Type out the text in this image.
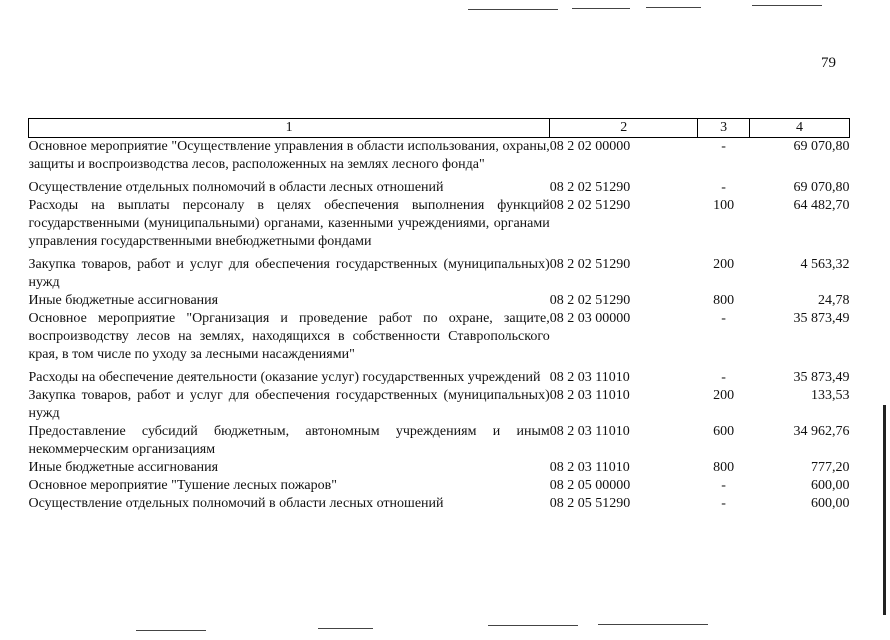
79
1	2	3	4
Основное мероприятие "Осуществление управления в области использования, охраны, защиты и воспроизводства лесов, расположенных на землях лесного фонда"	08 2 02 00000	-	69 070,80
Осуществление отдельных полномочий в области лесных отношений	08 2 02 51290	-	69 070,80
Расходы на выплаты персоналу в целях обеспечения выполнения функций государственными (муниципальными) органами, казенными учреждениями, органами управления государственными внебюджетными фондами	08 2 02 51290	100	64 482,70
Закупка товаров, работ и услуг для обеспечения государственных (муниципальных) нужд	08 2 02 51290	200	4 563,32
Иные бюджетные ассигнования	08 2 02 51290	800	24,78
Основное мероприятие "Организация и проведение работ по охране, защите, воспроизводству лесов на землях, находящихся в собственности Ставропольского края, в том числе по уходу за лесными насаждениями"	08 2 03 00000	-	35 873,49
Расходы на обеспечение деятельности (оказание услуг) государственных учреждений	08 2 03 11010	-	35 873,49
Закупка товаров, работ и услуг для обеспечения государственных (муниципальных) нужд	08 2 03 11010	200	133,53
Предоставление субсидий бюджетным, автономным учреждениям и иным некоммерческим организациям	08 2 03 11010	600	34 962,76
Иные бюджетные ассигнования	08 2 03 11010	800	777,20
Основное мероприятие "Тушение лесных пожаров"	08 2 05 00000	-	600,00
Осуществление отдельных полномочий в области лесных отношений	08 2 05 51290	-	600,00
